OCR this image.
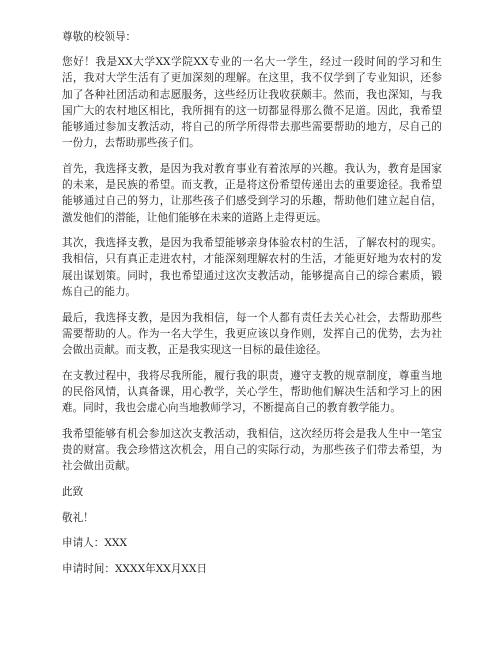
尊敬的校领导：

您好！我是XX大学XX学院XX专业的一名大一学生，经过一段时间的学习和生活，我对大学生活有了更加深刻的理解。在这里，我不仅学到了专业知识，还参加了各种社团活动和志愿服务，这些经历让我收获颇丰。然而，我也深知，与我国广大的农村地区相比，我所拥有的这一切都显得那么微不足道。因此，我希望能够通过参加支教活动，将自己的所学所得带去那些需要帮助的地方，尽自己的一份力，去帮助那些孩子们。

首先，我选择支教，是因为我对教育事业有着浓厚的兴趣。我认为，教育是国家的未来，是民族的希望。而支教，正是将这份希望传递出去的重要途径。我希望能够通过自己的努力，让那些孩子们感受到学习的乐趣，帮助他们建立起自信，激发他们的潜能，让他们能够在未来的道路上走得更远。

其次，我选择支教，是因为我希望能够亲身体验农村的生活，了解农村的现实。我相信，只有真正走进农村，才能深刻理解农村的生活，才能更好地为农村的发展出谋划策。同时，我也希望通过这次支教活动，能够提高自己的综合素质，锻炼自己的能力。

最后，我选择支教，是因为我相信，每一个人都有责任去关心社会，去帮助那些需要帮助的人。作为一名大学生，我更应该以身作则，发挥自己的优势，去为社会做出贡献。而支教，正是我实现这一目标的最佳途径。

在支教过程中，我将尽我所能，履行我的职责，遵守支教的规章制度，尊重当地的民俗风情，认真备课，用心教学，关心学生，帮助他们解决生活和学习上的困难。同时，我也会虚心向当地教师学习，不断提高自己的教育教学能力。

我希望能够有机会参加这次支教活动，我相信，这次经历将会是我人生中一笔宝贵的财富。我会珍惜这次机会，用自己的实际行动，为那些孩子们带去希望，为社会做出贡献。

此致
敬礼！
申请人：XXX
申请时间：XXXX年XX月XX日
